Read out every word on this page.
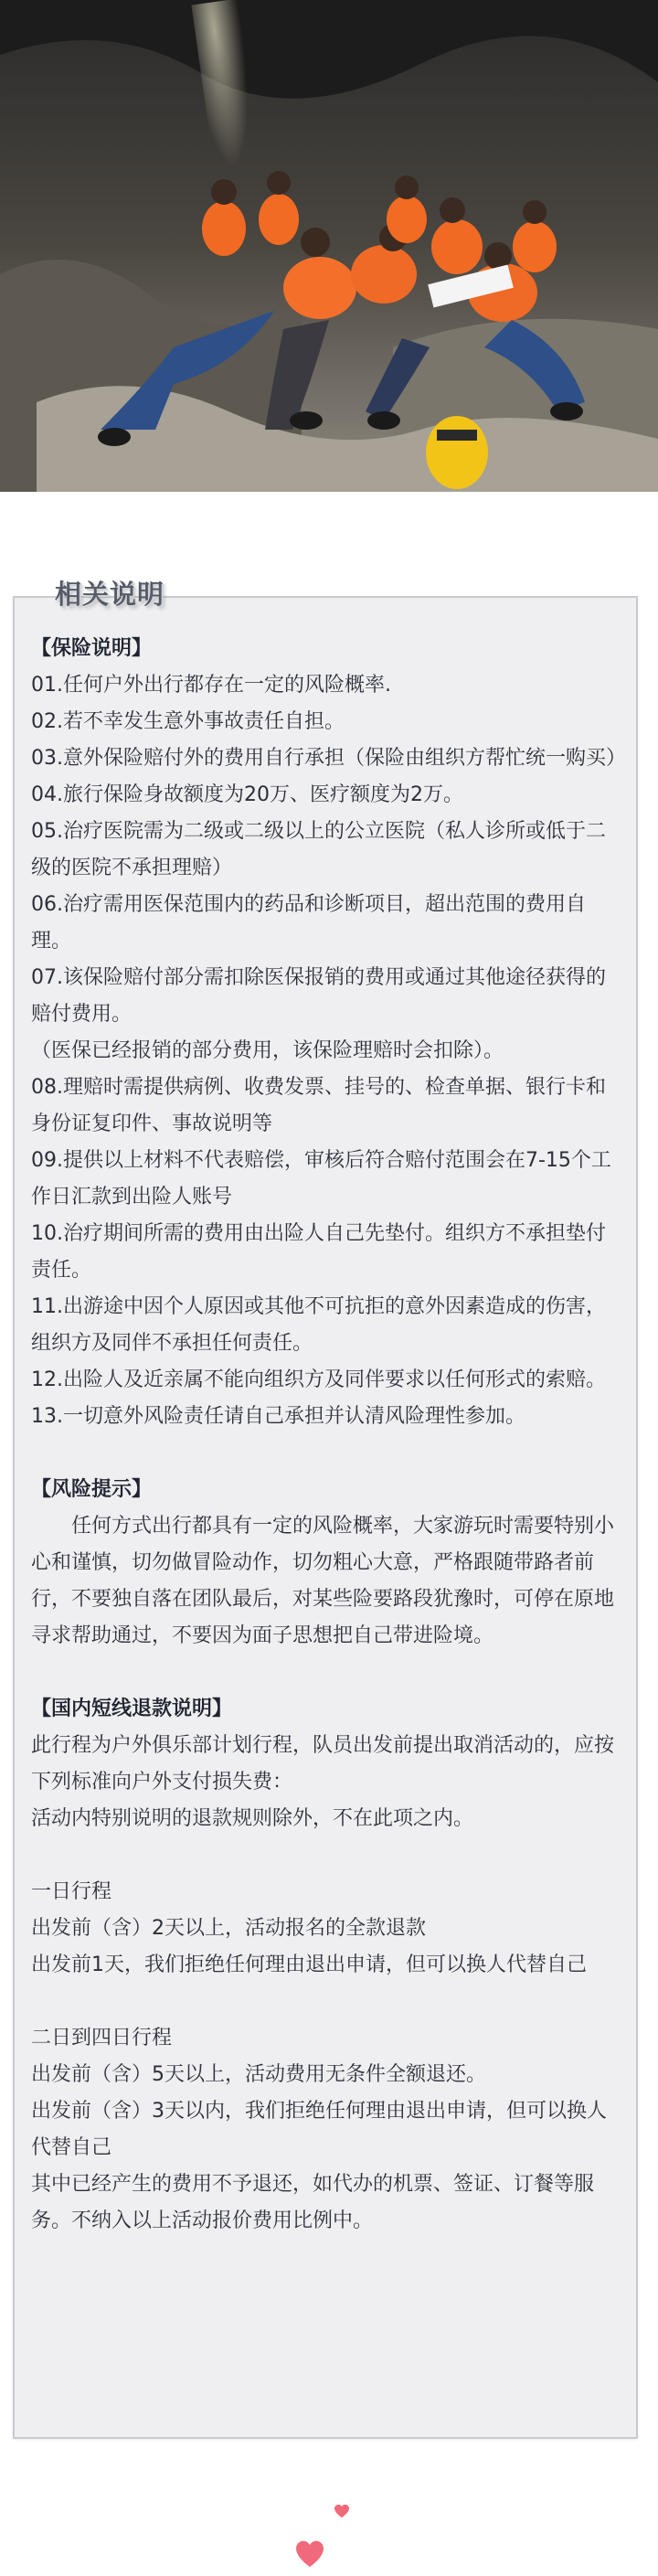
相关说明

【保险说明】

01.任何户外出行都存在一定的风险概率.

02.若不幸发生意外事故责任自担。

03.意外保险赔付外的费用自行承担（保险由组织方帮忙统一购买）

04.旅行保险身故额度为20万、医疗额度为2万。

05.治疗医院需为二级或二级以上的公立医院（私人诊所或低于二级的医院不承担理赔）

06.治疗需用医保范围内的药品和诊断项目，超出范围的费用自理。

07.该保险赔付部分需扣除医保报销的费用或通过其他途径获得的赔付费用。

（医保已经报销的部分费用，该保险理赔时会扣除）。

08.理赔时需提供病例、收费发票、挂号的、检查单据、银行卡和身份证复印件、事故说明等

09.提供以上材料不代表赔偿，审核后符合赔付范围会在7-15个工作日汇款到出险人账号

10.治疗期间所需的费用由出险人自己先垫付。组织方不承担垫付责任。

11.出游途中因个人原因或其他不可抗拒的意外因素造成的伤害，组织方及同伴不承担任何责任。

12.出险人及近亲属不能向组织方及同伴要求以任何形式的索赔。

13.一切意外风险责任请自己承担并认清风险理性参加。

【风险提示】

任何方式出行都具有一定的风险概率，大家游玩时需要特别小心和谨慎，切勿做冒险动作，切勿粗心大意，严格跟随带路者前行，不要独自落在团队最后，对某些险要路段犹豫时，可停在原地寻求帮助通过，不要因为面子思想把自己带进险境。

【国内短线退款说明】

此行程为户外俱乐部计划行程，队员出发前提出取消活动的，应按下列标准向户外支付损失费：

活动内特别说明的退款规则除外，不在此项之内。

一日行程

出发前（含）2天以上，活动报名的全款退款

出发前1天，我们拒绝任何理由退出申请，但可以换人代替自己

二日到四日行程

出发前（含）5天以上，活动费用无条件全额退还。

出发前（含）3天以内，我们拒绝任何理由退出申请，但可以换人代替自己

其中已经产生的费用不予退还，如代办的机票、签证、订餐等服务。不纳入以上活动报价费用比例中。
